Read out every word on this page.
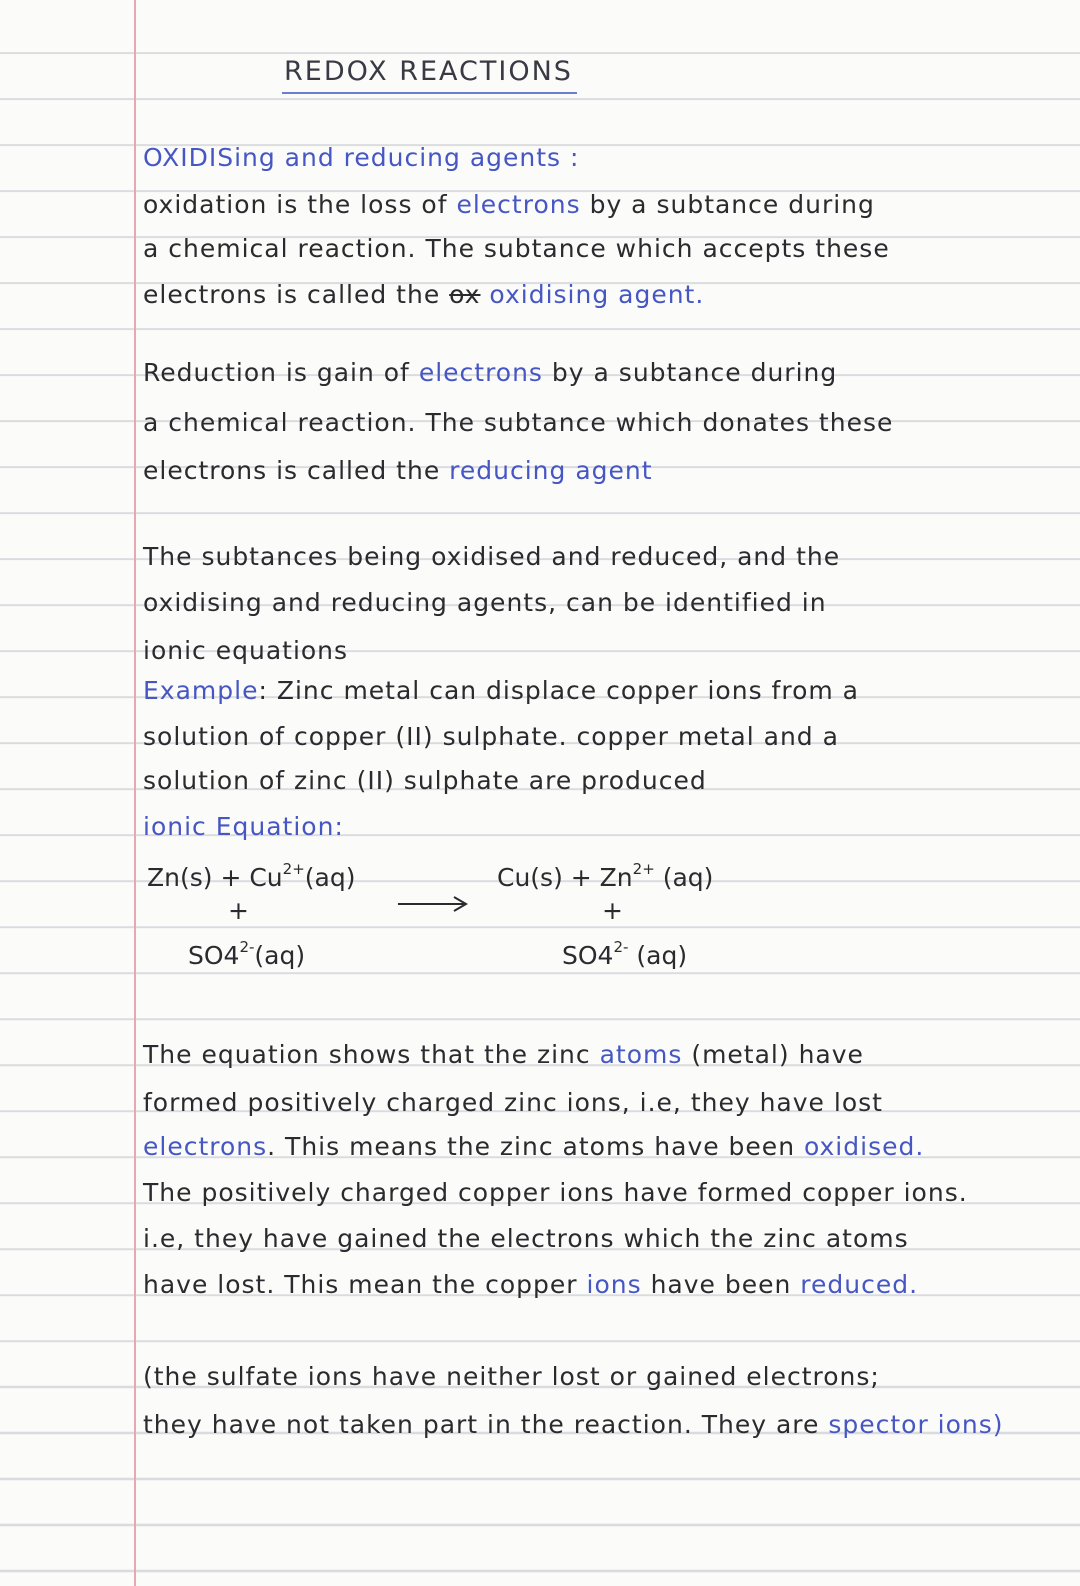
REDOX REACTIONS
OXIDISing and reducing agents :
oxidation is the loss of electrons by a subtance during
a chemical reaction. The subtance which accepts these
electrons is called the ox oxidising agent.
Reduction is gain of electrons by a subtance during
a chemical reaction. The subtance which donates these
electrons is called the reducing agent
The subtances being oxidised and reduced, and the
oxidising and reducing agents, can be identified in
ionic equations
Example: Zinc metal can displace copper ions from a
solution of copper (II) sulphate. copper metal and a
solution of zinc (II) sulphate are produced
ionic Equation:
$Zn(s) + Cu^{2+}(aq)$
+
$SO4^{2-}(aq)$
$Cu(s) + Zn^{2+}$ (aq)
+
$SO4^{2-}$ (aq)
The equation shows that the zinc atoms (metal) have
formed positively charged zinc ions, i.e, they have lost
electrons. This means the zinc atoms have been oxidised.
The positively charged copper ions have formed copper ions.
i.e, they have gained the electrons which the zinc atoms
have lost. This mean the copper ions have been reduced.
(the sulfate ions have neither lost or gained electrons;
they have not taken part in the reaction. They are spector ions)
